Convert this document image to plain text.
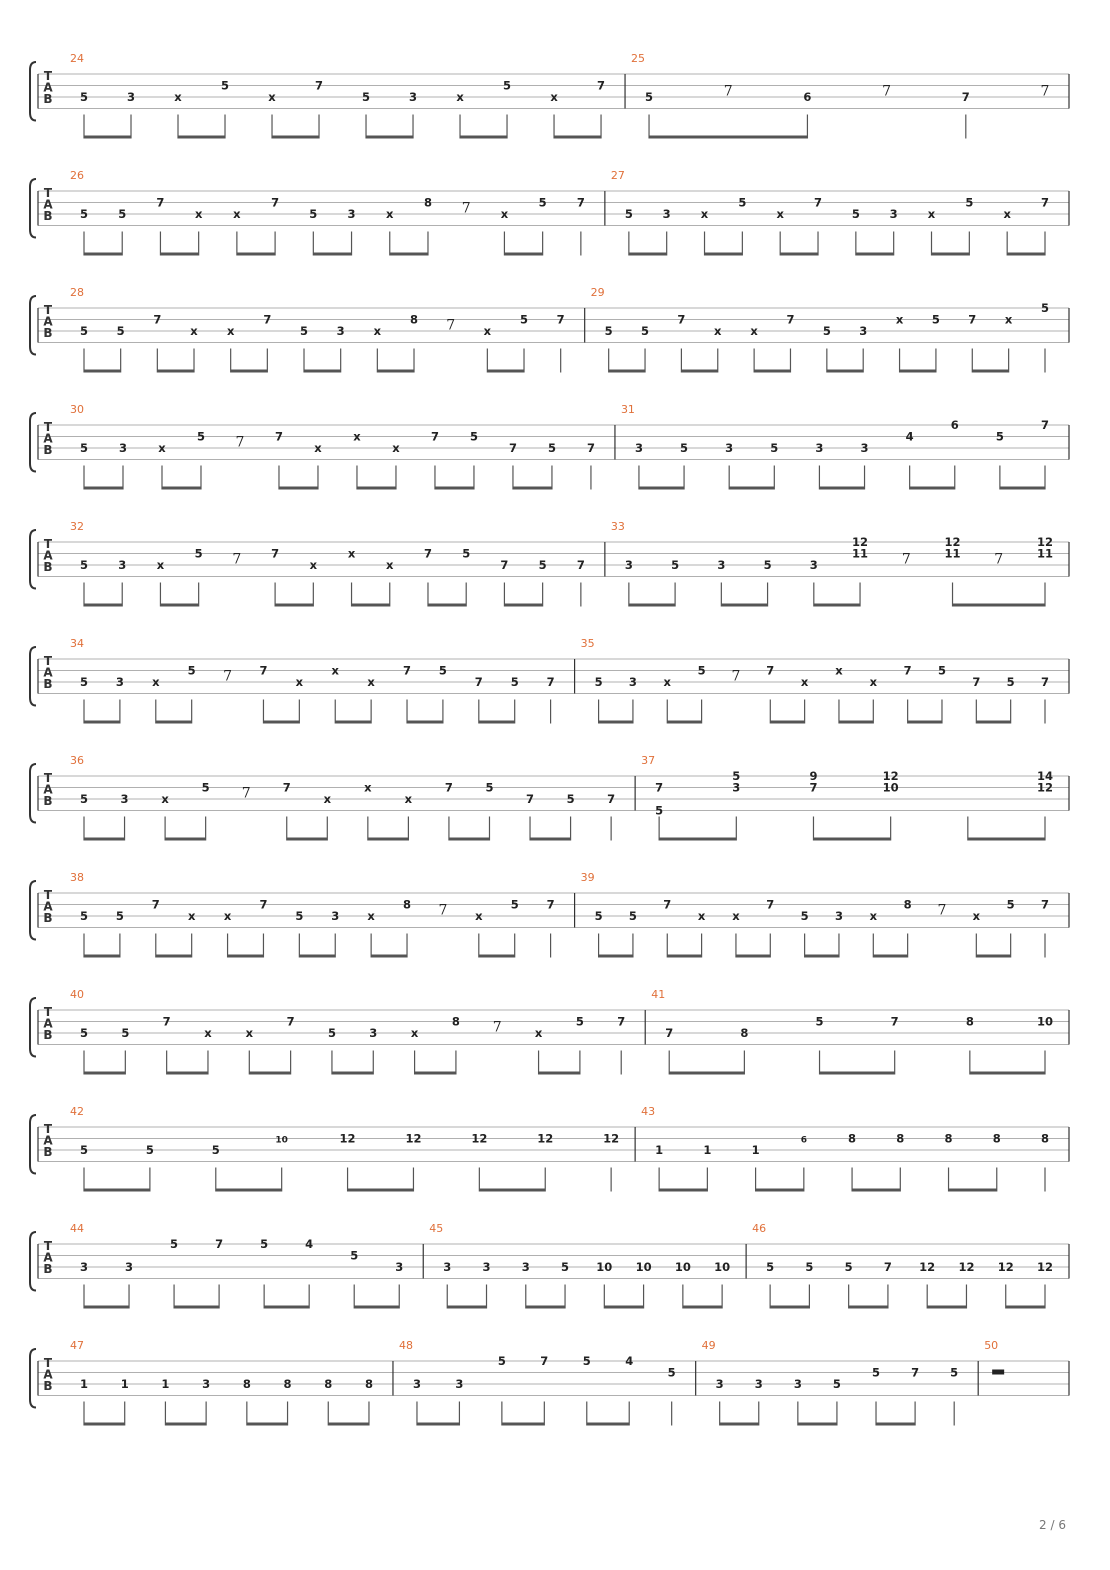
T
A
B
24
5	3	x
5
x
7
5	3	x
5
x
7
25
5	7	6	7	7	7
T
A
B
26
5	5
7
x	x
7
5	3	x
8 7	x
5	7
27
5	3	x
5
x
7
5	3	x
5
x
7
T
A
B
28
5 5
7
x	x
7
5 3	x
8 7 x
5 7
29
5 5
7
x	x
7
5 3
x 5 7 x
5
T
A
B
30
5	3	x
5 7	7
x
x
x
7	5
7	5	7
31
3	5	3	5	3	3
4
6
5
7
T
A
B
32
5	3	x
5 7	7
x
x
x
7	5
7	5	7
33
3	5	3	5	3
12
11 7
12
11 7
12
11
T
A
B
34
5 3 x
5 7 7
x
x
x
7 5
7 5 7
35
5 3 x
5 7 7
x
x
x
7 5
7 5 7
T
A
B
36
5	3	x
5 7	7
x
x
x
7	5
7	5	7
37
7
5
5
3
9
7
12
10
14
12
T
A
B
38
5 5
7
x x
7
5 3 x
8 7 x
5 7
39
5 5
7
x x
7
5 3 x
8 7 x
5 7
T
A
B
40
5	5
7
x	x
7
5	3	x
8 7	x
5	7
41
7	8
5	7	8	10
T
A
B
42
5	5	5
10	12	12	12	12	12
43
1	1	1
6	8	8	8	8	8
T
A
B
44
3	3
5	7	5	4
5
3
45
3	3	3	5 10 10 10 10
46
5	5	5	7 12 12 12 12
T
A
B
47
1	1	1	3	8	8	8	8
48
3	3
5	7	5	4
5
49
3	3	3	5
5	7	5
50
2 / 6
